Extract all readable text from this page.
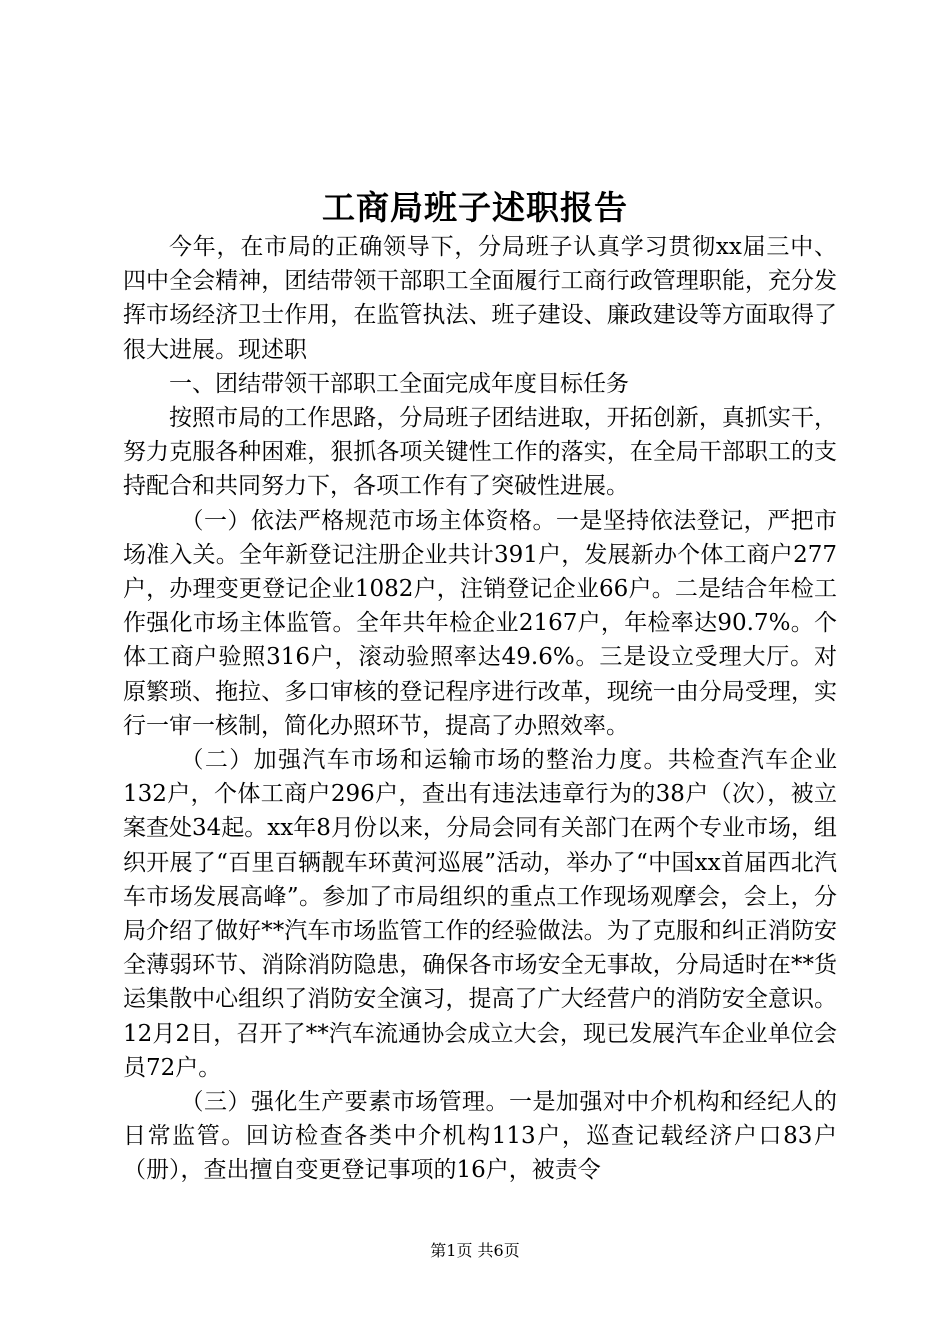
工商局班子述职报告

今年，在市局的正确领导下，分局班子认真学习贯彻xx届三中、四中全会精神，团结带领干部职工全面履行工商行政管理职能，充分发挥市场经济卫士作用，在监管执法、班子建设、廉政建设等方面取得了很大进展。现述职

一、团结带领干部职工全面完成年度目标任务

按照市局的工作思路，分局班子团结进取，开拓创新，真抓实干，努力克服各种困难，狠抓各项关键性工作的落实，在全局干部职工的支持配合和共同努力下，各项工作有了突破性进展。

（一）依法严格规范市场主体资格。一是坚持依法登记，严把市场准入关。全年新登记注册企业共计391户，发展新办个体工商户277户，办理变更登记企业1082户，注销登记企业66户。二是结合年检工作强化市场主体监管。全年共年检企业2167户，年检率达90.7%。个体工商户验照316户，滚动验照率达49.6%。三是设立受理大厅。对原繁琐、拖拉、多口审核的登记程序进行改革，现统一由分局受理，实行一审一核制，简化办照环节，提高了办照效率。

（二）加强汽车市场和运输市场的整治力度。共检查汽车企业132户，个体工商户296户，查出有违法违章行为的38户（次），被立案查处34起。xx年8月份以来，分局会同有关部门在两个专业市场，组织开展了“百里百辆靓车环黄河巡展”活动，举办了“中国xx首届西北汽车市场发展高峰”。参加了市局组织的重点工作现场观摩会，会上，分局介绍了做好**汽车市场监管工作的经验做法。为了克服和纠正消防安全薄弱环节、消除消防隐患，确保各市场安全无事故，分局适时在**货运集散中心组织了消防安全演习，提高了广大经营户的消防安全意识。12月2日，召开了**汽车流通协会成立大会，现已发展汽车企业单位会员72户。

（三）强化生产要素市场管理。一是加强对中介机构和经纪人的日常监管。回访检查各类中介机构113户，巡查记载经济户口83户（册），查出擅自变更登记事项的16户，被责令

第1页 共6页
